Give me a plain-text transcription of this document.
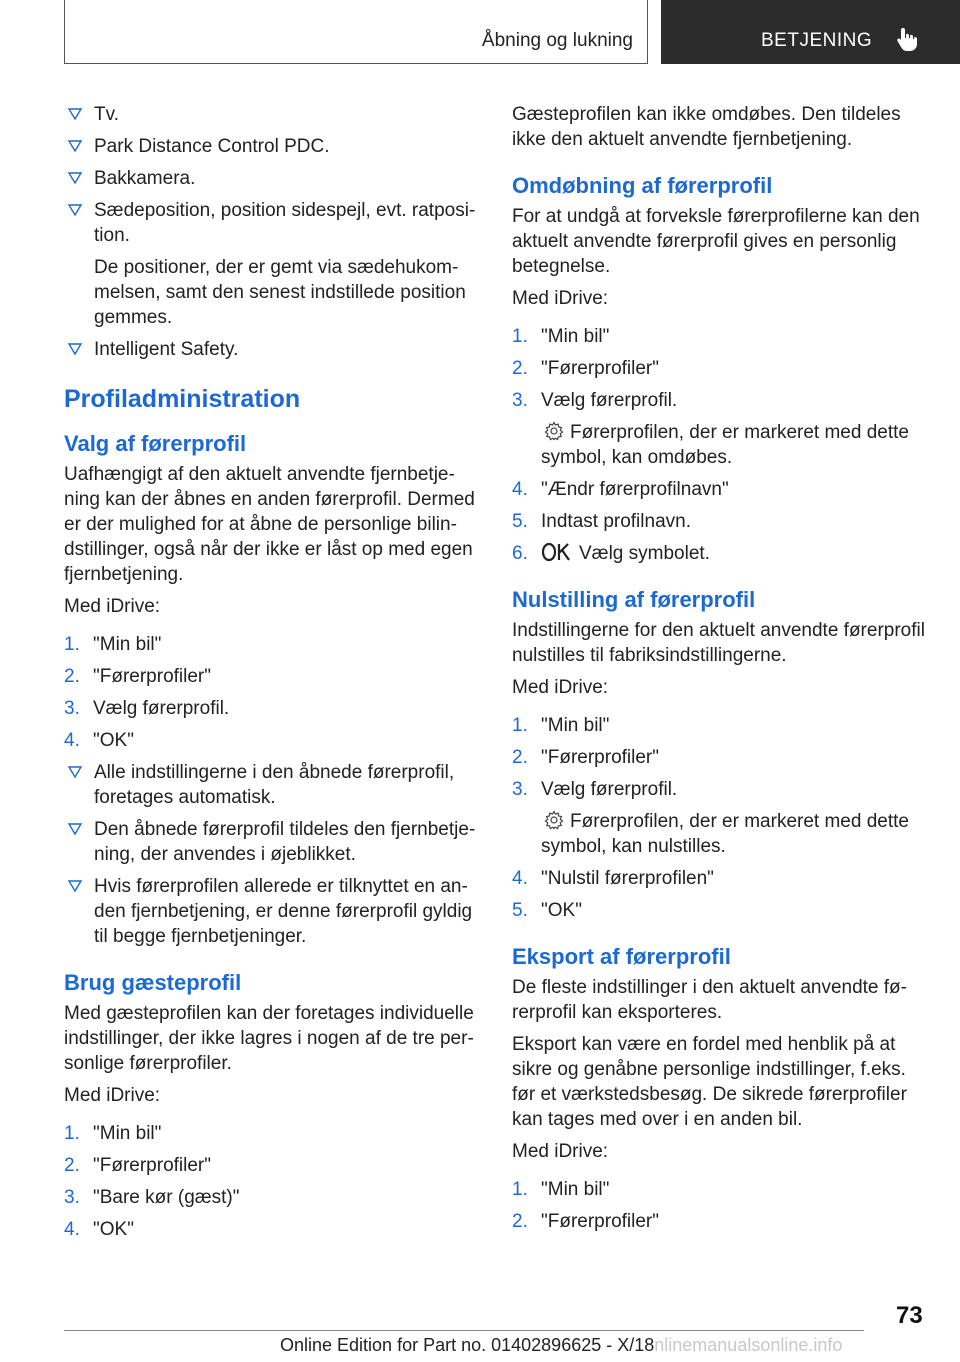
Åbning og lukning	BETJENING
Tv.
Park Distance Control PDC.
Bakkamera.
Sædeposition, position sidespejl, evt. ratposition.
De positioner, der er gemt via sædehukommelsen, samt den senest indstillede position gemmes.
Intelligent Safety.
Profiladministration
Valg af førerprofil
Uafhængigt af den aktuelt anvendte fjernbetjening kan der åbnes en anden førerprofil. Dermed er der mulighed for at åbne de personlige bilindstillinger, også når der ikke er låst op med egen fjernbetjening.
Med iDrive:
1. "Min bil"
2. "Førerprofiler"
3. Vælg førerprofil.
4. "OK"
Alle indstillingerne i den åbnede førerprofil, foretages automatisk.
Den åbnede førerprofil tildeles den fjernbetjening, der anvendes i øjeblikket.
Hvis førerprofilen allerede er tilknyttet en anden fjernbetjening, er denne førerprofil gyldig til begge fjernbetjeninger.
Brug gæsteprofil
Med gæsteprofilen kan der foretages individuelle indstillinger, der ikke lagres i nogen af de tre personlige førerprofiler.
Med iDrive:
1. "Min bil"
2. "Førerprofiler"
3. "Bare kør (gæst)"
4. "OK"
Gæsteprofilen kan ikke omdøbes. Den tildeles ikke den aktuelt anvendte fjernbetjening.
Omdøbning af førerprofil
For at undgå at forveksle førerprofilerne kan den aktuelt anvendte førerprofil gives en personlig betegnelse.
Med iDrive:
1. "Min bil"
2. "Førerprofiler"
3. Vælg førerprofil.
Førerprofilen, der er markeret med dette symbol, kan omdøbes.
4. "Ændr førerprofilnavn"
5. Indtast profilnavn.
6.	Vælg symbolet.
Nulstilling af førerprofil
Indstillingerne for den aktuelt anvendte førerprofil nulstilles til fabriksindstillingerne.
Med iDrive:
1. "Min bil"
2. "Førerprofiler"
3. Vælg førerprofil.
Førerprofilen, der er markeret med dette symbol, kan nulstilles.
4. "Nulstil førerprofilen"
5. "OK"
Eksport af førerprofil
De fleste indstillinger i den aktuelt anvendte førerprofil kan eksporteres.
Eksport kan være en fordel med henblik på at sikre og genåbne personlige indstillinger, f.eks. før et værkstedsbesøg. De sikrede førerprofiler kan tages med over i en anden bil.
Med iDrive:
1. "Min bil"
2. "Førerprofiler"
73
Online Edition for Part no. 01402896625 - X/18nlinemanualsonline.info
